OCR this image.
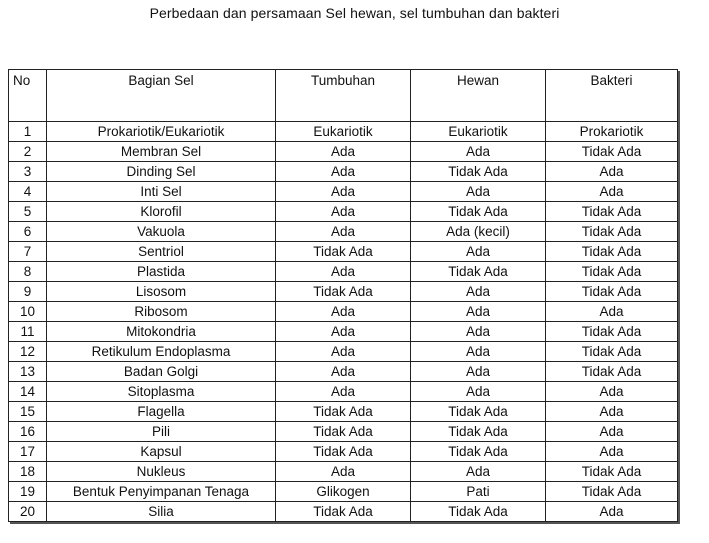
Perbedaan dan persamaan Sel hewan, sel tumbuhan dan bakteri
No	Bagian Sel	Tumbuhan	Hewan	Bakteri
1	Prokariotik/Eukariotik	Eukariotik	Eukariotik	Prokariotik
2	Membran Sel	Ada	Ada	Tidak Ada
3	Dinding Sel	Ada	Tidak Ada	Ada
4	Inti Sel	Ada	Ada	Ada
5	Klorofil	Ada	Tidak Ada	Tidak Ada
6	Vakuola	Ada	Ada (kecil)	Tidak Ada
7	Sentriol	Tidak Ada	Ada	Tidak Ada
8	Plastida	Ada	Tidak Ada	Tidak Ada
9	Lisosom	Tidak Ada	Ada	Tidak Ada
10	Ribosom	Ada	Ada	Ada
11	Mitokondria	Ada	Ada	Tidak Ada
12	Retikulum Endoplasma	Ada	Ada	Tidak Ada
13	Badan Golgi	Ada	Ada	Tidak Ada
14	Sitoplasma	Ada	Ada	Ada
15	Flagella	Tidak Ada	Tidak Ada	Ada
16	Pili	Tidak Ada	Tidak Ada	Ada
17	Kapsul	Tidak Ada	Tidak Ada	Ada
18	Nukleus	Ada	Ada	Tidak Ada
19	Bentuk Penyimpanan Tenaga	Glikogen	Pati	Tidak Ada
20	Silia	Tidak Ada	Tidak Ada	Ada
